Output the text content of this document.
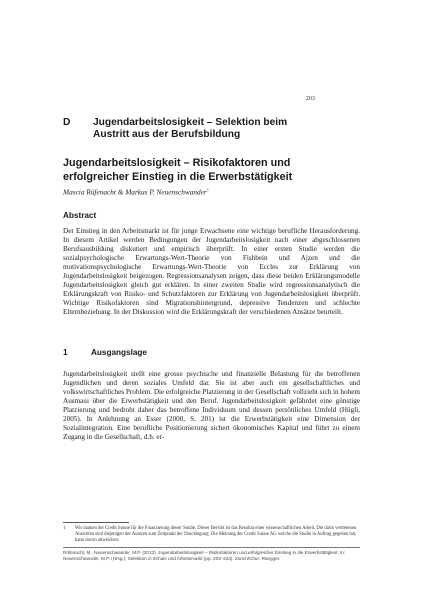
203
D Jugendarbeitslosigkeit – Selektion beim Austritt aus der Berufsbildung
Jugendarbeitslosigkeit – Risikofaktoren und erfolgreicher Einstieg in die Erwerbstätigkeit
Mascia Rüfenacht & Markus P. Neuenschwander$^1$
Abstract

Der Einstieg in den Arbeitsmarkt ist für junge Erwachsene eine wichtige berufliche Herausforderung. In diesem Artikel werden Bedingungen der Jugendarbeitslosigkeit nach einer abgeschlossenen Berufsausbildung diskutiert und empirisch überprüft. In einer ersten Studie werden die sozialpsychologische Erwartungs-Wert-Theorie von Fishbein und Ajzen und die motivationspsychologische Erwartungs-Wert-Theorie von Eccles zur Erklärung von Jugendarbeitslosigkeit beigezogen. Regressionsanalysen zeigen, dass diese beiden Erklärungsmodelle Jugendarbeitslosigkeit gleich gut erklären. In einer zweiten Studie wird regressionsanalytisch die Erklärungskraft von Risiko- und Schutzfaktoren zur Erklärung von Jugendarbeitslosigkeit überprüft. Wichtige Risikofaktoren sind Migrationshintergrund, depressive Tendenzen und schlechte Elternbeziehung. In der Diskussion wird die Erklärungskraft der verschiedenen Ansätze beurteilt.

1	Ausgangslage

Jugendarbeitslosigkeit stellt eine grosse psychische und finanzielle Belastung für die betroffenen Jugendlichen und deren soziales Umfeld dar. Sie ist aber auch ein gesellschaftliches und volkswirtschaftliches Problem. Die erfolgreiche Platzierung in der Gesellschaft vollzieht sich in hohem Ausmass über die Erwerbstätigkeit und den Beruf. Jugendarbeitslosigkeit gefährdet eine günstige Platzierung und bedroht daher das betroffene Individuum und dessen persönliches Umfeld (Hügli, 2005). In Anlehnung an Esser (2000, S. 201) ist die Erwerbstätigkeit eine Dimension der Sozialintegration. Eine berufliche Positionierung sichert ökonomisches Kapital und führt zu einem Zugang in die Gesellschaft, d.h. er-

1 Wir danken der Credit Suisse für die Finanzierung dieser Studie. Dieser Bericht ist das Resultat einer wissenschaftlichen Arbeit. Die darin vertretenen Ansichten sind diejenigen der Autoren zum Zeitpunkt der Drucklegung. Die Meinung der Credit Suisse AG welche die Studie in Auftrag gegeben hat, kann davon abweichen.

Rüfenacht, M., Neuenschwander, M.P. (2013). Jugendarbeitslosigkeit – Risikofaktoren und erfolgreicher Einstieg in die Erwerbstätigkeit. In: Neuenschwander, M.P. (Hrsg.): Selektion in Schule und Arbeitsmarkt (pp. 203–224). Zürich/Chur: Rüegger.
